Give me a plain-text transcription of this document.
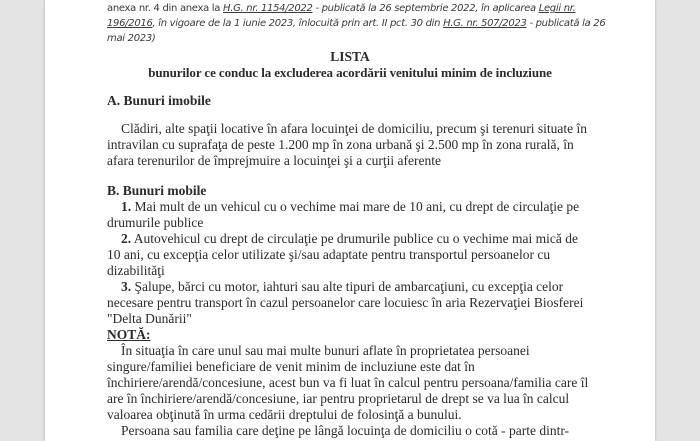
anexa nr. 4 din anexa la H.G. nr. 1154/2022 - publicată la 26 septembrie 2022, în aplicarea Legii nr.
196/2016, în vigoare de la 1 iunie 2023, înlocuită prin art. II pct. 30 din H.G. nr. 507/2023 - publicată la 26
mai 2023)
LISTA
bunurilor ce conduc la excluderea acordării venitului minim de incluziune
A. Bunuri imobile
Clădiri, alte spaţii locative în afara locuinţei de domiciliu, precum şi terenuri situate în intravilan cu suprafaţa de peste 1.200 mp în zona urbană şi 2.500 mp în zona rurală, în afara terenurilor de împrejmuire a locuinţei şi a curţii aferente
B. Bunuri mobile
1. Mai mult de un vehicul cu o vechime mai mare de 10 ani, cu drept de circulaţie pe drumurile publice
2. Autovehicul cu drept de circulaţie pe drumurile publice cu o vechime mai mică de 10 ani, cu excepţia celor utilizate şi/sau adaptate pentru transportul persoanelor cu dizabilităţi
3. Şalupe, bărci cu motor, iahturi sau alte tipuri de ambarcaţiuni, cu excepţia celor necesare pentru transport în cazul persoanelor care locuiesc în aria Rezervaţiei Biosferei "Delta Dunării"
NOTĂ:
În situaţia în care unul sau mai multe bunuri aflate în proprietatea persoanei singure/familiei beneficiare de venit minim de incluziune este dat în închiriere/arendă/concesiune, acest bun va fi luat în calcul pentru persoana/familia care îl are în închiriere/arendă/concesiune, iar pentru proprietarul de drept se va lua în calcul valoarea obţinută în urma cedării dreptului de folosinţă a bunului.
Persoana sau familia care deţine pe lângă locuinţa de domiciliu o cotă - parte dintr-
